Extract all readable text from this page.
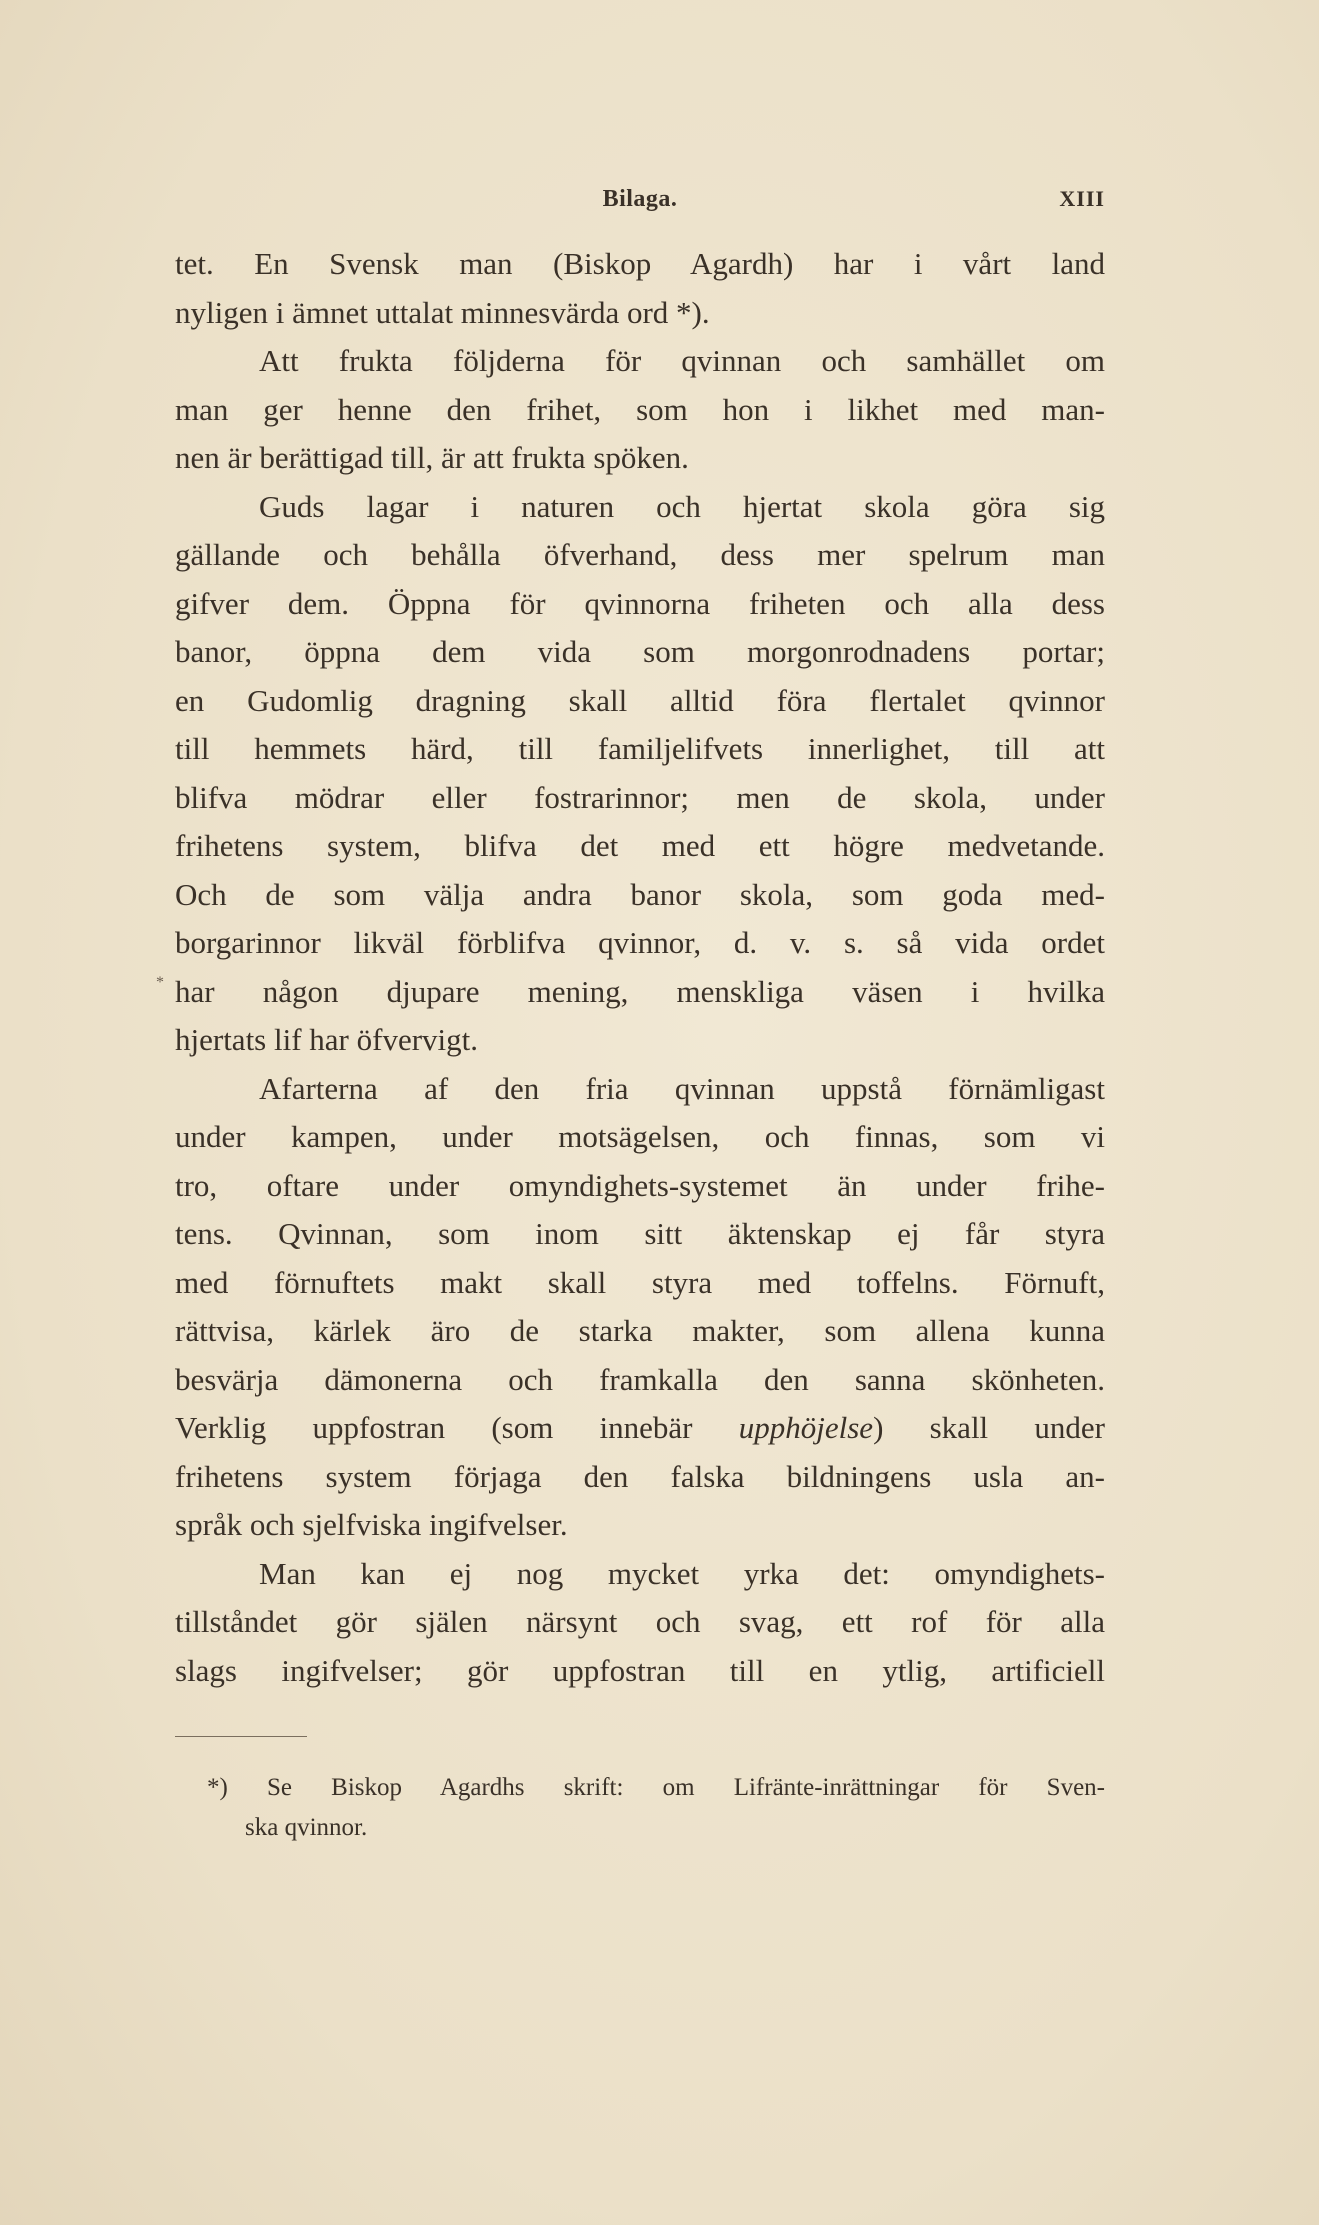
*
Bilaga.	XIII
tet. En Svensk man (Biskop Agardh) har i vårt land
nyligen i ämnet uttalat minnesvärda ord *).
Att frukta följderna för qvinnan och samhället om
man ger henne den frihet, som hon i likhet med man-
nen är berättigad till, är att frukta spöken.
Guds lagar i naturen och hjertat skola göra sig
gällande och behålla öfverhand, dess mer spelrum man
gifver dem. Öppna för qvinnorna friheten och alla dess
banor, öppna dem vida som morgonrodnadens portar;
en Gudomlig dragning skall alltid föra flertalet qvinnor
till hemmets härd, till familjelifvets innerlighet, till att
blifva mödrar eller fostrarinnor; men de skola, under
frihetens system, blifva det med ett högre medvetande.
Och de som välja andra banor skola, som goda med-
borgarinnor likväl förblifva qvinnor, d. v. s. så vida ordet
har någon djupare mening, menskliga väsen i hvilka
hjertats lif har öfvervigt.
Afarterna af den fria qvinnan uppstå förnämligast
under kampen, under motsägelsen, och finnas, som vi
tro, oftare under omyndighets-systemet än under frihe-
tens. Qvinnan, som inom sitt äktenskap ej får styra
med förnuftets makt skall styra med toffelns. Förnuft,
rättvisa, kärlek äro de starka makter, som allena kunna
besvärja dämonerna och framkalla den sanna skönheten.
Verklig uppfostran (som innebär upphöjelse) skall under
frihetens system förjaga den falska bildningens usla an-
språk och sjelfviska ingifvelser.
Man kan ej nog mycket yrka det: omyndighets-
tillståndet gör själen närsynt och svag, ett rof för alla
slags ingifvelser; gör uppfostran till en ytlig, artificiell
*) Se Biskop Agardhs skrift: om Lifränte-inrättningar för Sven-
ska qvinnor.
